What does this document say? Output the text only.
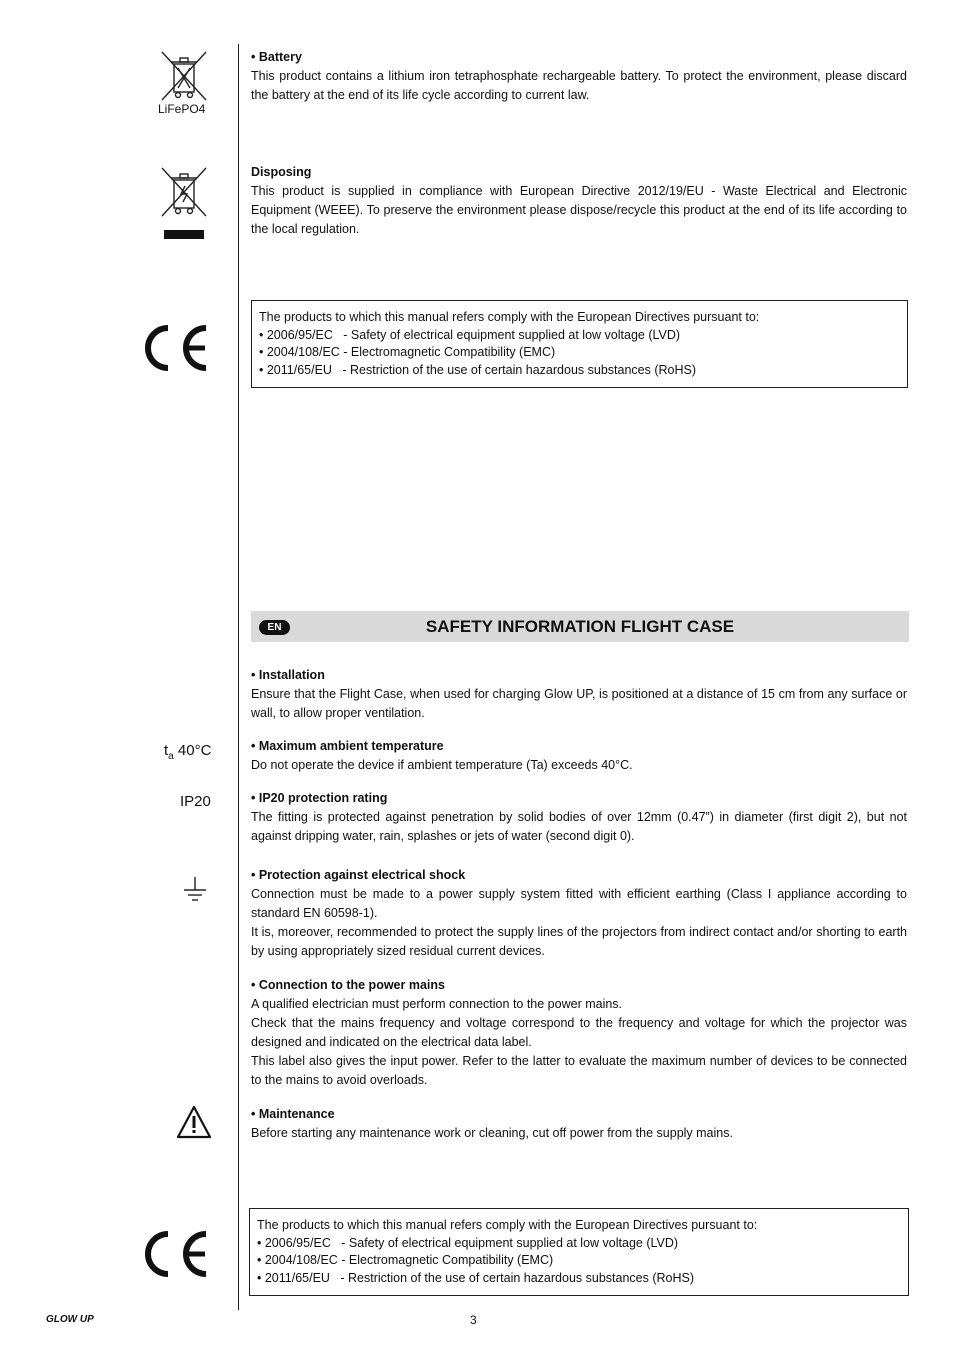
LiFePO4
• Battery

This product contains a lithium iron tetraphosphate rechargeable battery. To protect the environment, please discard the battery at the end of its life cycle according to current law.

Disposing

This product is supplied in compliance with European Directive 2012/19/EU - Waste Electrical and Electronic Equipment (WEEE). To preserve the environment please dispose/recycle this product at the end of its life according to the local regulation.

The products to which this manual refers comply with the European Directives pursuant to:
• 2006/95/EC   - Safety of electrical equipment supplied at low voltage (LVD)
• 2004/108/EC - Electromagnetic Compatibility (EMC)
• 2011/65/EU   - Restriction of the use of certain hazardous substances (RoHS)
EN	SAFETY INFORMATION FLIGHT CASE
• Installation

Ensure that the Flight Case, when used for charging Glow UP, is positioned at a distance of 15 cm from any surface or wall, to allow proper ventilation.

$t_a$ 40°C	• Maximum ambient temperature

Do not operate the device if ambient temperature (Ta) exceeds 40°C.

IP20	• IP20 protection rating

The fitting is protected against penetration by solid bodies of over 12mm (0.47”) in diameter (first digit 2), but not against dripping water, rain, splashes or jets of water (second digit 0).

• Protection against electrical shock

Connection must be made to a power supply system fitted with efficient earthing (Class I appliance according to standard EN 60598-1).

It is, moreover, recommended to protect the supply lines of the projectors from indirect contact and/or shorting to earth by using appropriately sized residual current devices.

• Connection to the power mains

A qualified electrician must perform connection to the power mains.

Check that the mains frequency and voltage correspond to the frequency and voltage for which the projector was designed and indicated on the electrical data label.

This label also gives the input power. Refer to the latter to evaluate the maximum number of devices to be connected to the mains to avoid overloads.

• Maintenance

Before starting any maintenance work or cleaning, cut off power from the supply mains.

The products to which this manual refers comply with the European Directives pursuant to:
• 2006/95/EC   - Safety of electrical equipment supplied at low voltage (LVD)
• 2004/108/EC - Electromagnetic Compatibility (EMC)
• 2011/65/EU   - Restriction of the use of certain hazardous substances (RoHS)
GLOW UP	3
